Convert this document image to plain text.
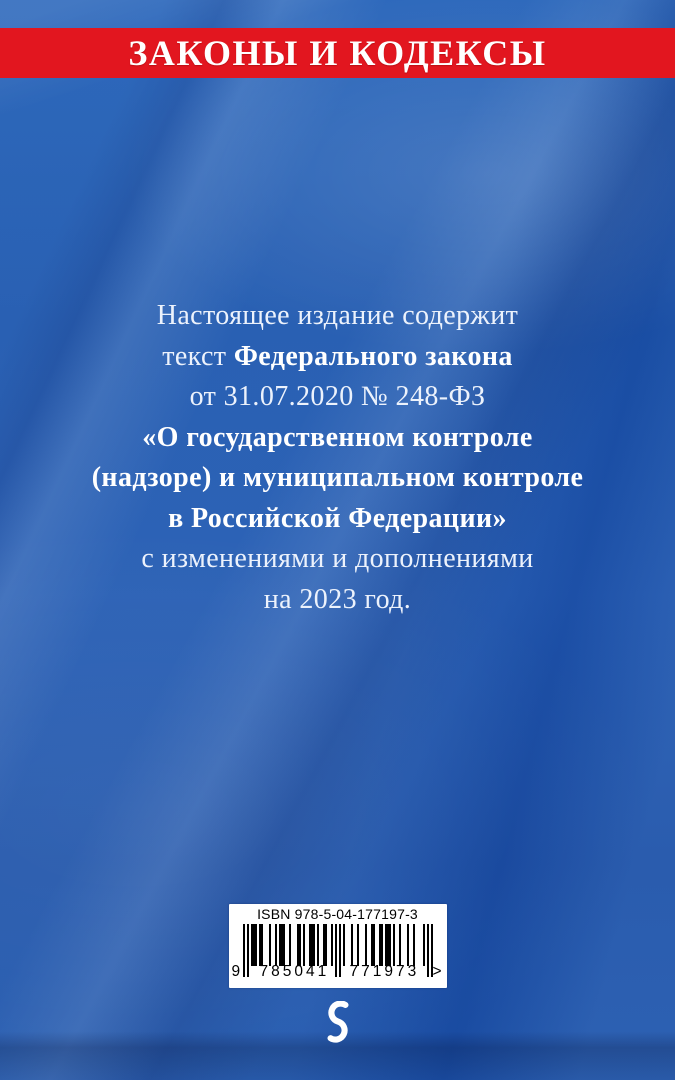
ЗАКОНЫ И КОДЕКСЫ
Настоящее издание содержит
текст Федерального закона
от 31.07.2020 № 248-ФЗ
«О государственном контроле
(надзоре) и муниципальном контроле
в Российской Федерации»
с изменениями и дополнениями
на 2023 год.
ISBN 978-5-04-177197-3
9 785041 771973 >
